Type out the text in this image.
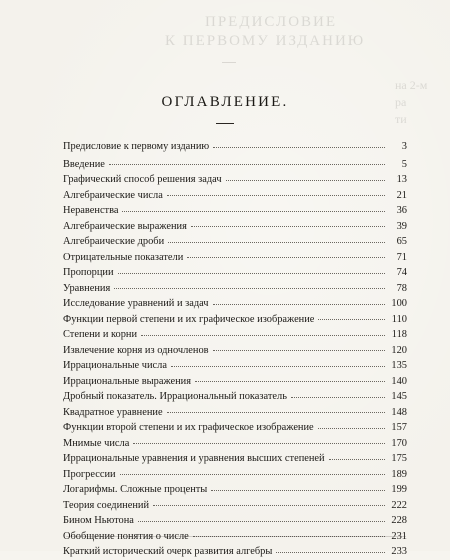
ПРЕДИСЛОВИЕ
К ПЕРВОМУ ИЗДАНИЮ
на 2-м
ра
ти
ОГЛАВЛЕНИЕ.
Предисловие к первому изданию	3
Введение	5
Графический способ решения задач	13
Алгебраические числа	21
Неравенства	36
Алгебраические выражения	39
Алгебраические дроби	65
Отрицательные показатели	71
Пропорции	74
Уравнения	78
Исследование уравнений и задач	100
Функции первой степени и их графическое изображение	110
Степени и корни	118
Извлечение корня из одночленов	120
Иррациональные числа	135
Иррациональные выражения	140
Дробный показатель. Иррациональный показатель	145
Квадратное уравнение	148
Функции второй степени и их графическое изображение	157
Мнимые числа	170
Иррациональные уравнения и уравнения высших степеней	175
Прогрессии	189
Логарифмы. Сложные проценты	199
Теория соединений	222
Бином Ньютона	228
Обобщение понятия о числе	231
Краткий исторический очерк развития алгебры	233
